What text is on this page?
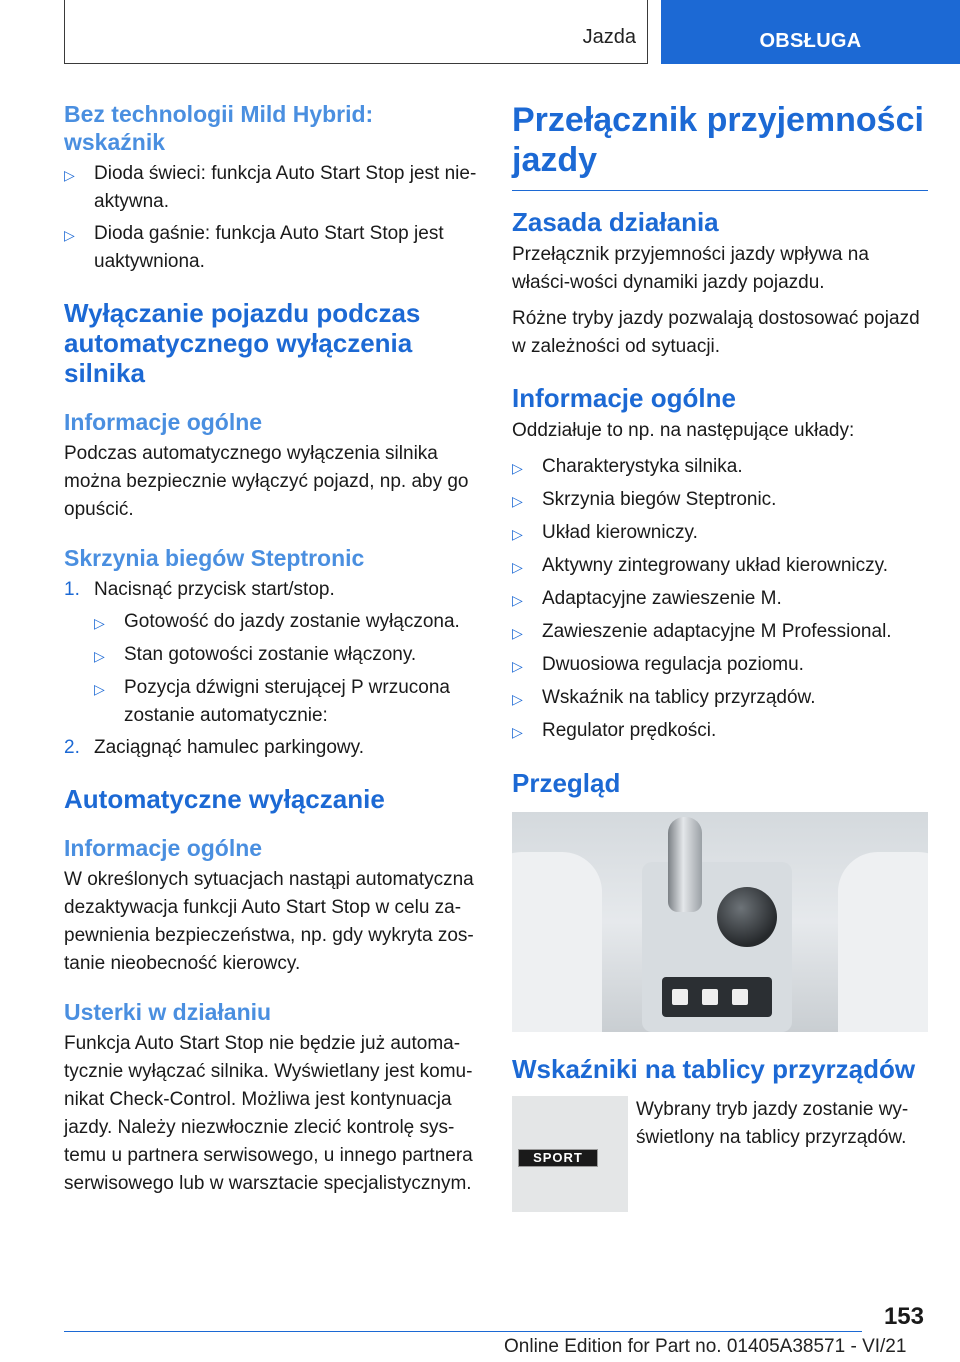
Jazda	OBSŁUGA
Bez technologii Mild Hybrid: wskaźnik
▷	Dioda świeci: funkcja Auto Start Stop jest nie-aktywna.
▷	Dioda gaśnie: funkcja Auto Start Stop jest uaktywniona.
Wyłączanie pojazdu podczas automatycznego wyłączenia silnika
Informacje ogólne

Podczas automatycznego wyłączenia silnika można bezpiecznie wyłączyć pojazd, np. aby go opuścić.

Skrzynia biegów Steptronic
1. Nacisnąć przycisk start/stop.
▷	Gotowość do jazdy zostanie wyłączona.
▷	Stan gotowości zostanie włączony.
▷	Pozycja dźwigni sterującej P wrzucona zostanie automatycznie:
2. Zaciągnąć hamulec parkingowy.
Automatyczne wyłączanie
Informacje ogólne

W określonych sytuacjach nastąpi automatyczna dezaktywacja funkcji Auto Start Stop w celu za-pewnienia bezpieczeństwa, np. gdy wykryta zos-tanie nieobecność kierowcy.

Usterki w działaniu

Funkcja Auto Start Stop nie będzie już automa-tycznie wyłączać silnika. Wyświetlany jest komu-nikat Check-Control. Możliwa jest kontynuacja jazdy. Należy niezwłocznie zlecić kontrolę sys-temu u partnera serwisowego, u innego partnera serwisowego lub w warsztacie specjalistycznym.

Przełącznik przyjemności jazdy
Zasada działania

Przełącznik przyjemności jazdy wpływa na właści-wości dynamiki jazdy pojazdu.

Różne tryby jazdy pozwalają dostosować pojazd w zależności od sytuacji.

Informacje ogólne

Oddziałuje to np. na następujące układy:

▷	Charakterystyka silnika.
▷	Skrzynia biegów Steptronic.
▷	Układ kierowniczy.
▷	Aktywny zintegrowany układ kierowniczy.
▷	Adaptacyjne zawieszenie M.
▷	Zawieszenie adaptacyjne M Professional.
▷	Dwuosiowa regulacja poziomu.
▷	Wskaźnik na tablicy przyrządów.
▷	Regulator prędkości.
Przegląd
Wskaźniki na tablicy przyrządów
SPORT
Wybrany tryb jazdy zostanie wy-świetlony na tablicy przyrządów.
153
Online Edition for Part no. 01405A38571 - VI/21
